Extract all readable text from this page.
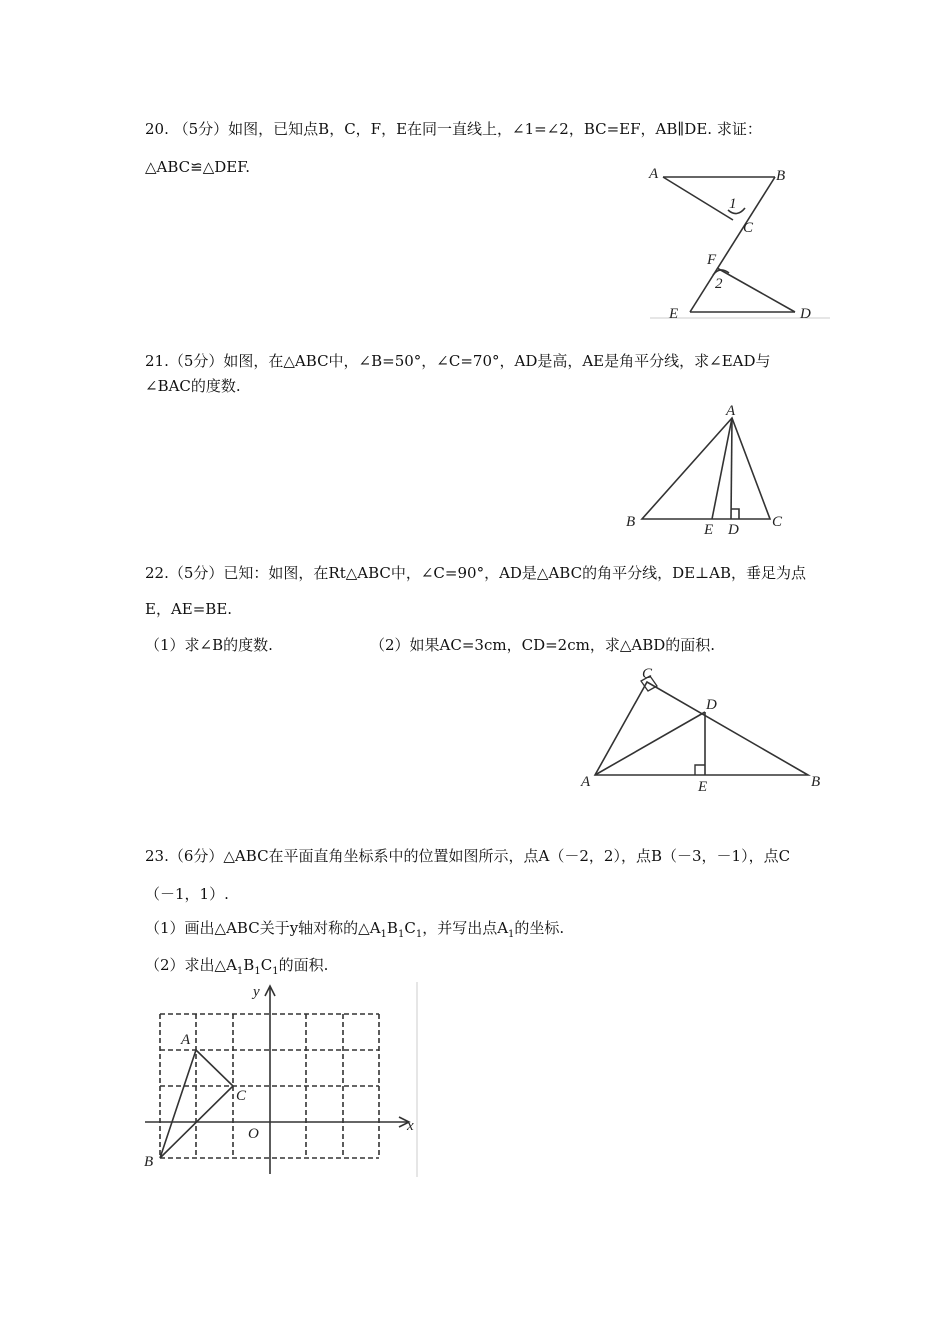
20. （5分）如图，已知点B，C，F，E在同一直线上，∠1=∠2，BC=EF，AB∥DE. 求证：
△ABC≌△DEF.	A	B
1
C
F
2
E	D
21.（5分）如图，在△ABC中，∠B=50°，∠C=70°，AD是高，AE是角平分线，求∠EAD与
∠BAC的度数.
A
B	E D C
22.（5分）已知：如图，在Rt△ABC中，∠C=90°，AD是△ABC的角平分线，DE⊥AB，垂足为点
E，AE=BE.
（1）求∠B的度数.	（2）如果AC=3cm，CD=2cm，求△ABD的面积.
C
D
A	E	B
23.（6分）△ABC在平面直角坐标系中的位置如图所示，点A（－2，2），点B（－3，－1），点C
（－1，1）.
（1）画出△ABC关于y轴对称的$\triangle A_1B_1C_1$，并写出点$A_1$的坐标.
（2）求出$\triangle A_1B_1C_1$的面积.
y
x
O
A
B
C
